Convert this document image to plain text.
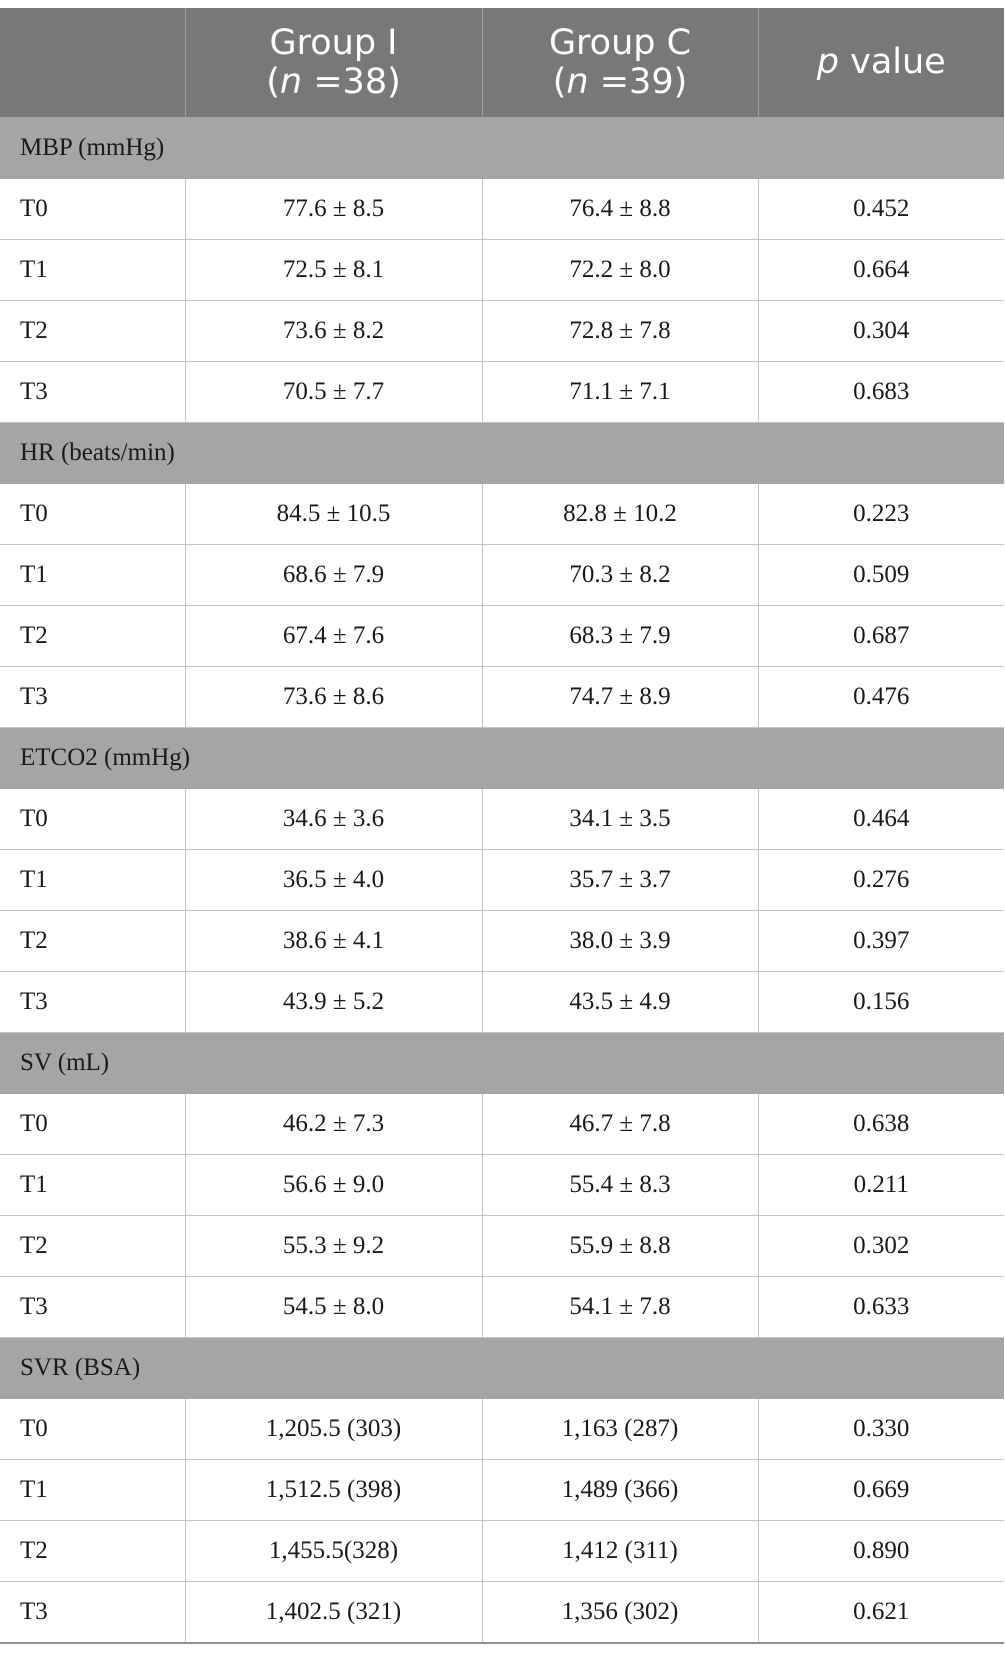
	Group I
(n =38)	Group C
(n =39)	p value
MBP (mmHg)			
T0	77.6 ± 8.5	76.4 ± 8.8	0.452
T1	72.5 ± 8.1	72.2 ± 8.0	0.664
T2	73.6 ± 8.2	72.8 ± 7.8	0.304
T3	70.5 ± 7.7	71.1 ± 7.1	0.683
HR (beats/min)			
T0	84.5 ± 10.5	82.8 ± 10.2	0.223
T1	68.6 ± 7.9	70.3 ± 8.2	0.509
T2	67.4 ± 7.6	68.3 ± 7.9	0.687
T3	73.6 ± 8.6	74.7 ± 8.9	0.476
ETCO2 (mmHg)			
T0	34.6 ± 3.6	34.1 ± 3.5	0.464
T1	36.5 ± 4.0	35.7 ± 3.7	0.276
T2	38.6 ± 4.1	38.0 ± 3.9	0.397
T3	43.9 ± 5.2	43.5 ± 4.9	0.156
SV (mL)			
T0	46.2 ± 7.3	46.7 ± 7.8	0.638
T1	56.6 ± 9.0	55.4 ± 8.3	0.211
T2	55.3 ± 9.2	55.9 ± 8.8	0.302
T3	54.5 ± 8.0	54.1 ± 7.8	0.633
SVR (BSA)			
T0	1,205.5 (303)	1,163 (287)	0.330
T1	1,512.5 (398)	1,489 (366)	0.669
T2	1,455.5(328)	1,412 (311)	0.890
T3	1,402.5 (321)	1,356 (302)	0.621
